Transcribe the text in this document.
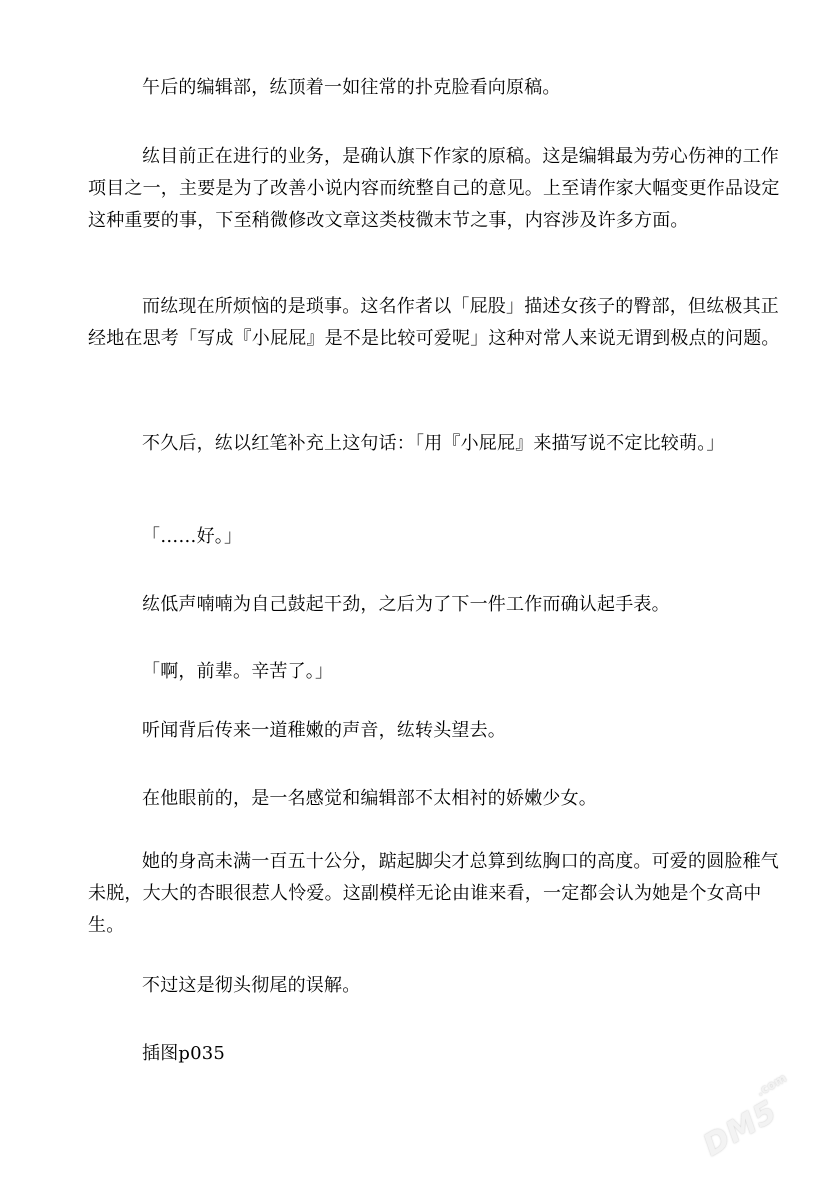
午后的编辑部，纮顶着一如往常的扑克脸看向原稿。

纮目前正在进行的业务，是确认旗下作家的原稿。这是编辑最为劳心伤神的工作项目之一，主要是为了改善小说内容而统整自己的意见。上至请作家大幅变更作品设定这种重要的事，下至稍微修改文章这类枝微末节之事，内容涉及许多方面。

而纮现在所烦恼的是琐事。这名作者以「屁股」描述女孩子的臀部，但纮极其正经地在思考「写成『小屁屁』是不是比较可爱呢」这种对常人来说无谓到极点的问题。

不久后，纮以红笔补充上这句话：「用『小屁屁』来描写说不定比较萌。」

「……好。」

纮低声喃喃为自己鼓起干劲，之后为了下一件工作而确认起手表。

「啊，前辈。辛苦了。」

听闻背后传来一道稚嫩的声音，纮转头望去。

在他眼前的，是一名感觉和编辑部不太相衬的娇嫩少女。

她的身高未满一百五十公分，踮起脚尖才总算到纮胸口的高度。可爱的圆脸稚气未脱，大大的杏眼很惹人怜爱。这副模样无论由谁来看，一定都会认为她是个女高中生。

不过这是彻头彻尾的误解。

插图p035

DM5
.com
